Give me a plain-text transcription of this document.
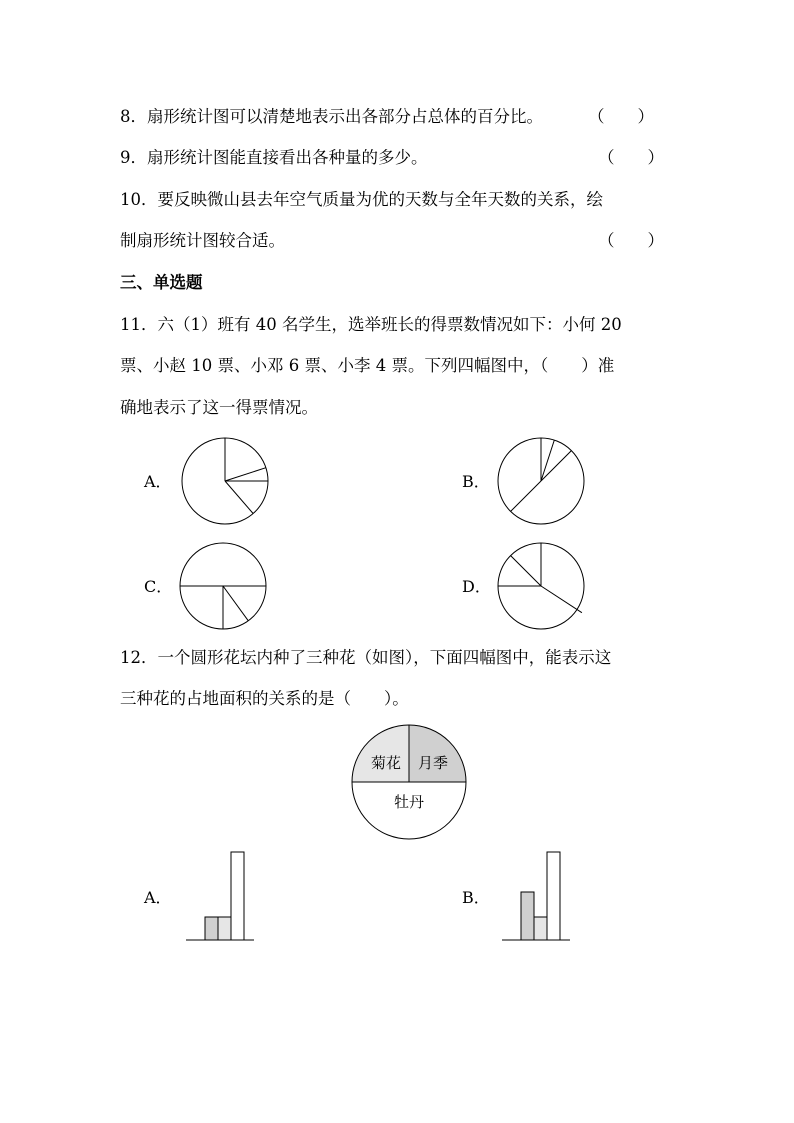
8．扇形统计图可以清楚地表示出各部分占总体的百分比。	（　　）
9．扇形统计图能直接看出各种量的多少。	（　　）
10．要反映微山县去年空气质量为优的天数与全年天数的关系，绘
制扇形统计图较合适。	（　　）
三、单选题
11．六（1）班有 40 名学生，选举班长的得票数情况如下：小何 20
票、小赵 10 票、小邓 6 票、小李 4 票。下列四幅图中，（　　）准
确地表示了这一得票情况。
A．	B．
C．	D．
12．一个圆形花坛内种了三种花（如图），下面四幅图中，能表示这
三种花的占地面积的关系的是（　　）。
菊花 月季
牡丹
A．	B．
